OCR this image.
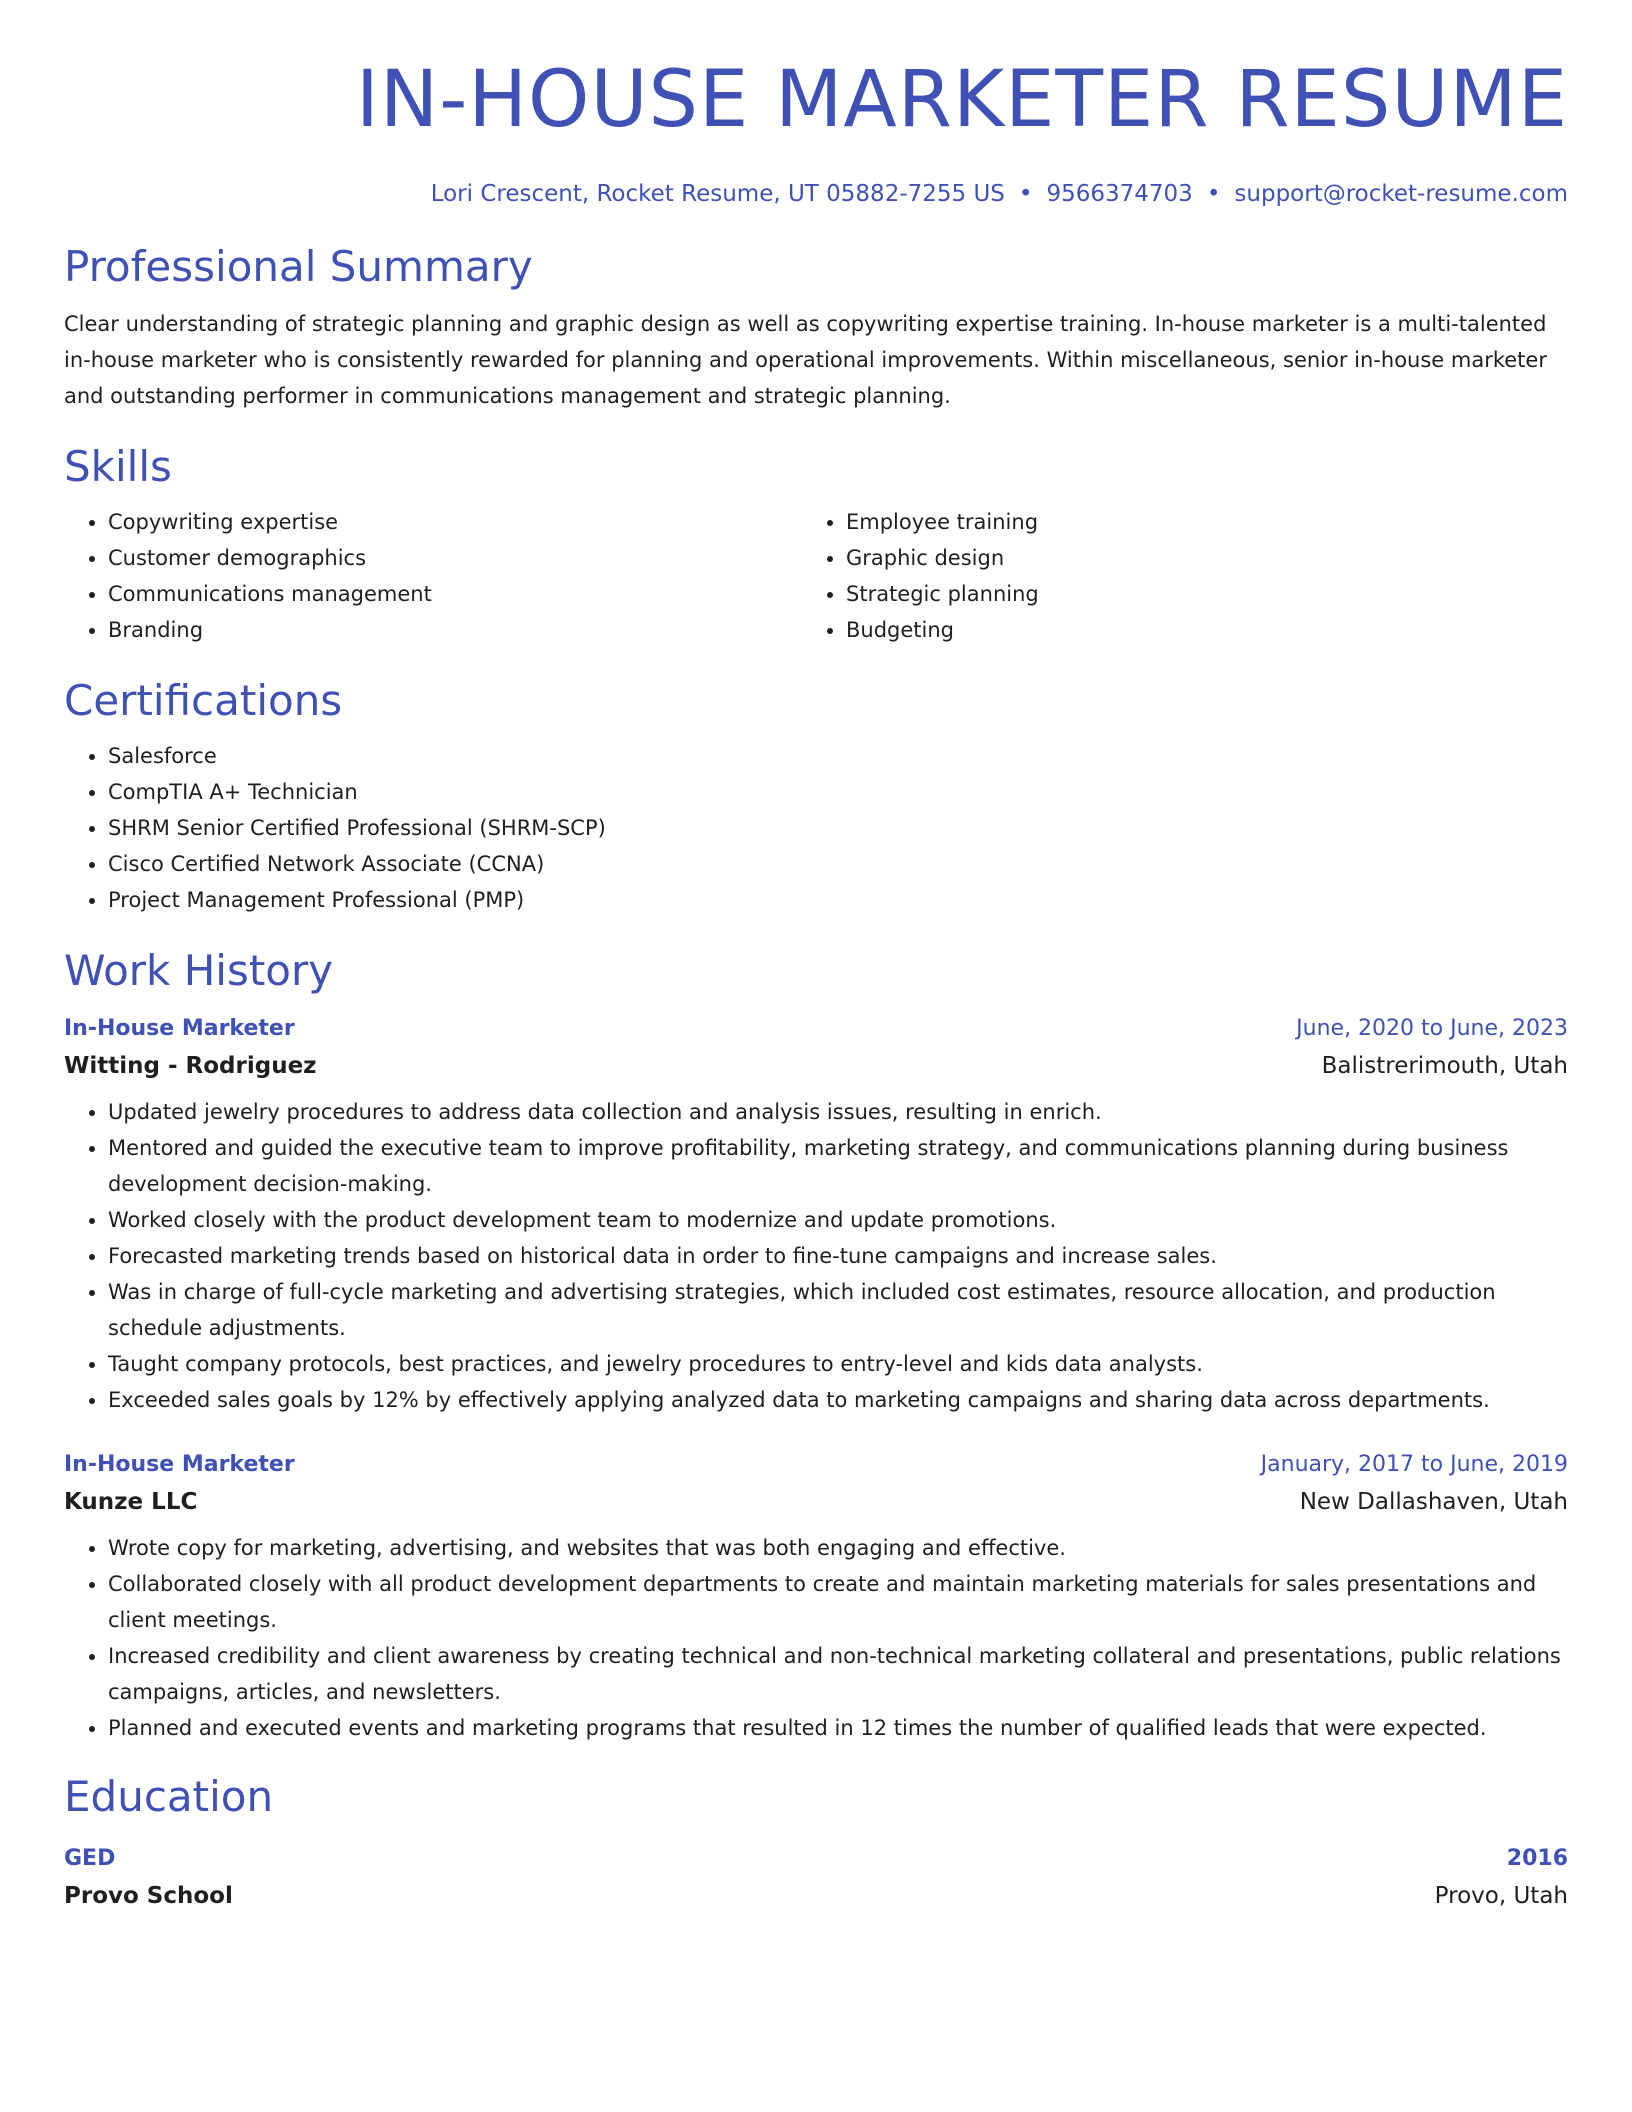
IN-HOUSE MARKETER RESUME
Lori Crescent, Rocket Resume, UT 05882-7255 US • 9566374703 • support@rocket-resume.com
Professional Summary

Clear understanding of strategic planning and graphic design as well as copywriting expertise training. In-house marketer is a multi-talented in-house marketer who is consistently rewarded for planning and operational improvements. Within miscellaneous, senior in-house marketer and outstanding performer in communications management and strategic planning.

Skills
• Copywriting expertise
• Customer demographics
• Communications management
• Branding
• Employee training
• Graphic design
• Strategic planning
• Budgeting
Certifications
• Salesforce
• CompTIA A+ Technician
• SHRM Senior Certified Professional (SHRM-SCP)
• Cisco Certified Network Associate (CCNA)
• Project Management Professional (PMP)
Work History
In-House Marketer	June, 2020 to June, 2023
Witting - Rodriguez	Balistrerimouth, Utah
• Updated jewelry procedures to address data collection and analysis issues, resulting in enrich.
• Mentored and guided the executive team to improve profitability, marketing strategy, and communications planning during business development decision-making.
• Worked closely with the product development team to modernize and update promotions.
• Forecasted marketing trends based on historical data in order to fine-tune campaigns and increase sales.
• Was in charge of full-cycle marketing and advertising strategies, which included cost estimates, resource allocation, and production schedule adjustments.
• Taught company protocols, best practices, and jewelry procedures to entry-level and kids data analysts.
• Exceeded sales goals by 12% by effectively applying analyzed data to marketing campaigns and sharing data across departments.
In-House Marketer	January, 2017 to June, 2019
Kunze LLC	New Dallashaven, Utah
• Wrote copy for marketing, advertising, and websites that was both engaging and effective.
• Collaborated closely with all product development departments to create and maintain marketing materials for sales presentations and client meetings.
• Increased credibility and client awareness by creating technical and non-technical marketing collateral and presentations, public relations campaigns, articles, and newsletters.
• Planned and executed events and marketing programs that resulted in 12 times the number of qualified leads that were expected.
Education
GED	2016
Provo School	Provo, Utah
